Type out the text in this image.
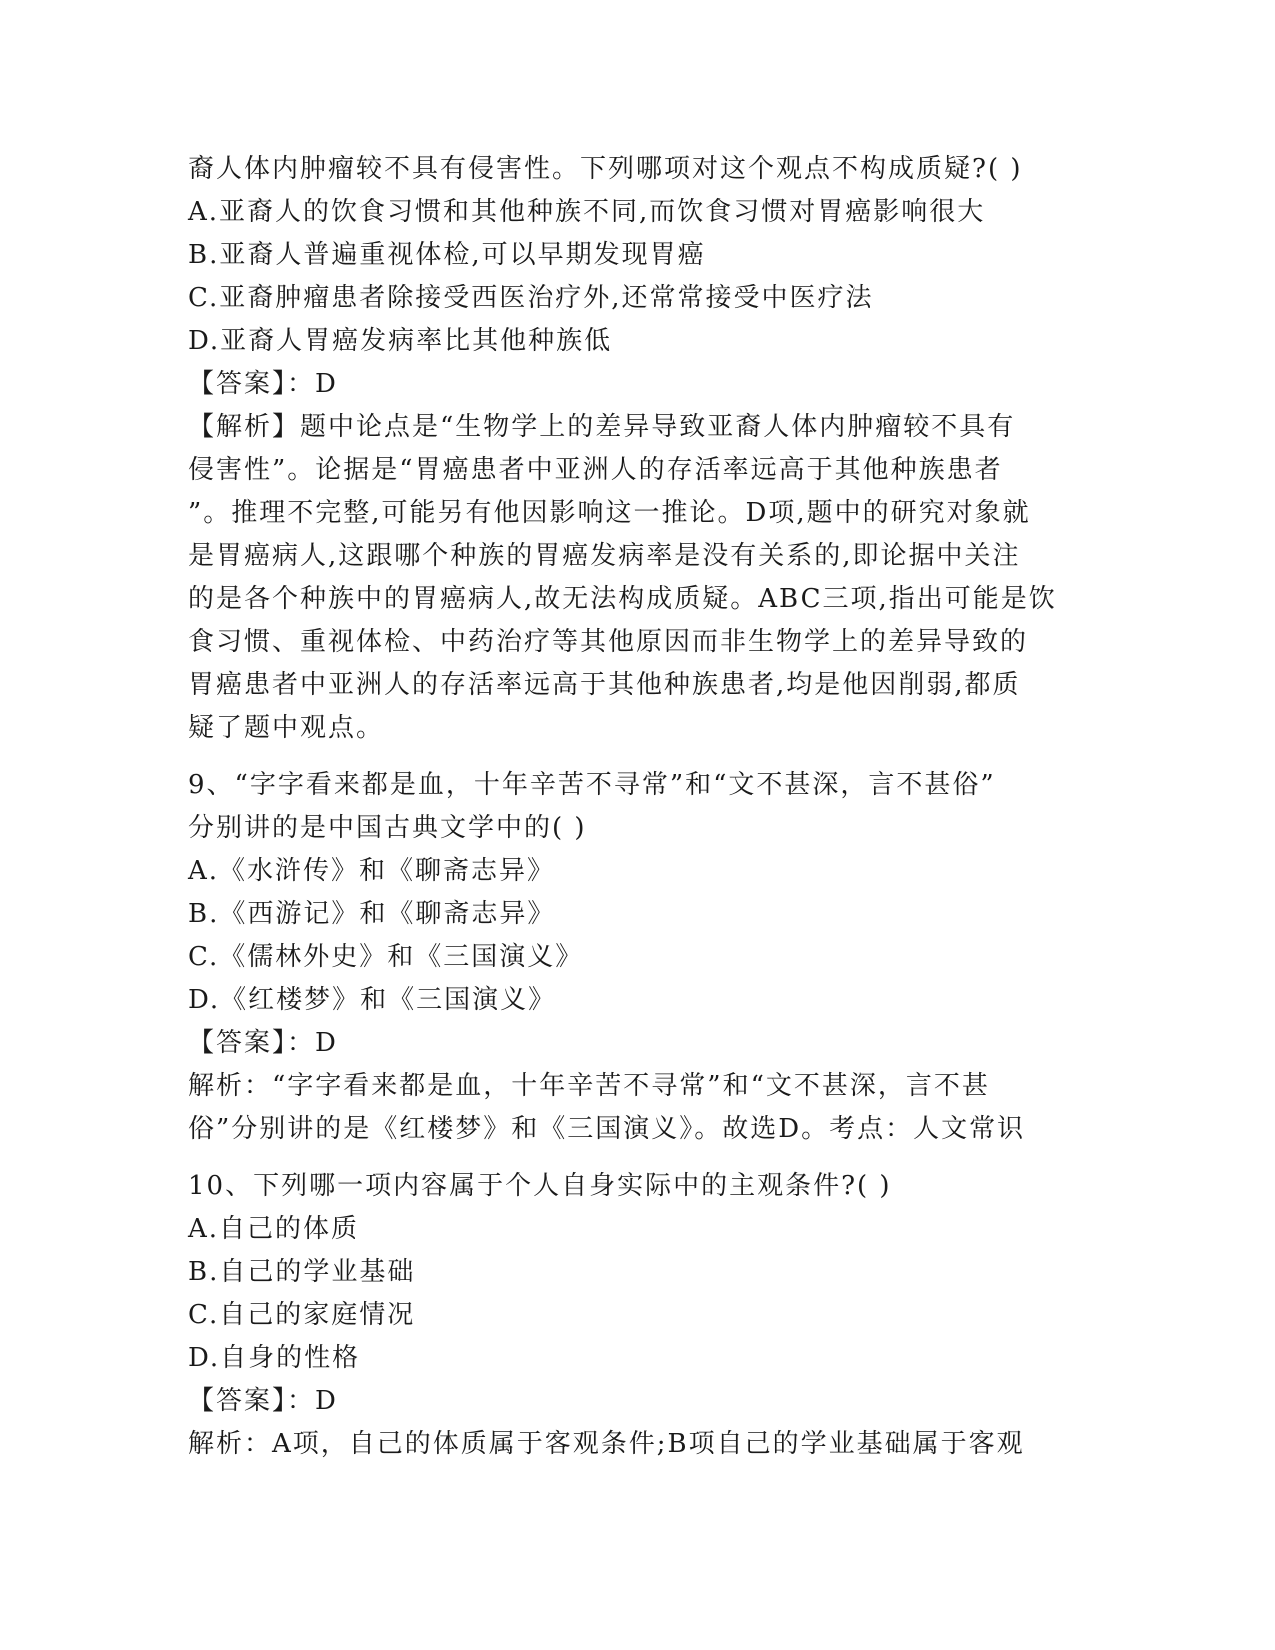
裔人体内肿瘤较不具有侵害性。下列哪项对这个观点不构成质疑?( )
A.亚裔人的饮食习惯和其他种族不同,而饮食习惯对胃癌影响很大
B.亚裔人普遍重视体检,可以早期发现胃癌
C.亚裔肿瘤患者除接受西医治疗外,还常常接受中医疗法
D.亚裔人胃癌发病率比其他种族低
【答案】：D
【解析】题中论点是“生物学上的差异导致亚裔人体内肿瘤较不具有
侵害性”。论据是“胃癌患者中亚洲人的存活率远高于其他种族患者
”。推理不完整,可能另有他因影响这一推论。D项,题中的研究对象就
是胃癌病人,这跟哪个种族的胃癌发病率是没有关系的,即论据中关注
的是各个种族中的胃癌病人,故无法构成质疑。ABC三项,指出可能是饮
食习惯、重视体检、中药治疗等其他原因而非生物学上的差异导致的
胃癌患者中亚洲人的存活率远高于其他种族患者,均是他因削弱,都质
疑了题中观点。
9、“字字看来都是血，十年辛苦不寻常”和“文不甚深，言不甚俗”
分别讲的是中国古典文学中的( )
A.《水浒传》和《聊斋志异》
B.《西游记》和《聊斋志异》
C.《儒林外史》和《三国演义》
D.《红楼梦》和《三国演义》
【答案】：D
解析：“字字看来都是血，十年辛苦不寻常”和“文不甚深，言不甚
俗”分别讲的是《红楼梦》和《三国演义》。故选D。考点：人文常识
10、下列哪一项内容属于个人自身实际中的主观条件?( )
A.自己的体质
B.自己的学业基础
C.自己的家庭情况
D.自身的性格
【答案】：D
解析：A项，自己的体质属于客观条件;B项自己的学业基础属于客观
